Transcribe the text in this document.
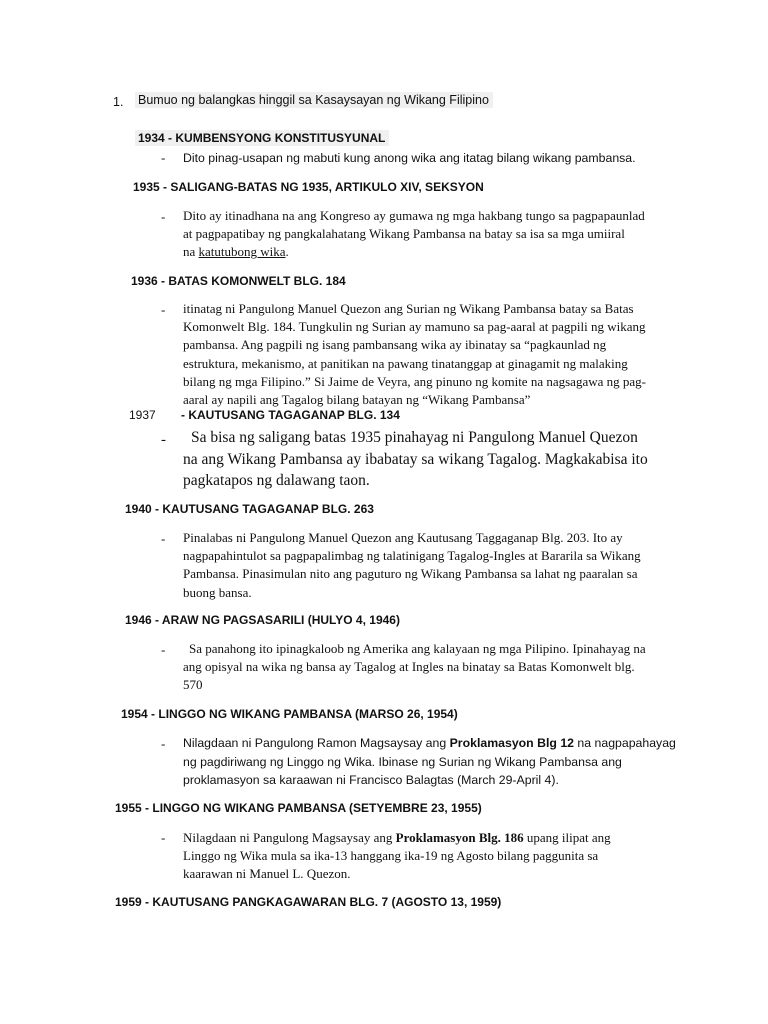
1. Bumuo ng balangkas hinggil sa Kasaysayan ng Wikang Filipino
1934 - KUMBENSYONG KONSTITUSYUNAL
- Dito pinag-usapan ng mabuti kung anong wika ang itatag bilang wikang pambansa.
1935 - SALIGANG-BATAS NG 1935, ARTIKULO XIV, SEKSYON
- Dito ay itinadhana na ang Kongreso ay gumawa ng mga hakbang tungo sa pagpapaunlad
at pagpapatibay ng pangkalahatang Wikang Pambansa na batay sa isa sa mga umiiral
na katutubong wika.
1936 - BATAS KOMONWELT BLG. 184
- itinatag ni Pangulong Manuel Quezon ang Surian ng Wikang Pambansa batay sa Batas
Komonwelt Blg. 184. Tungkulin ng Surian ay mamuno sa pag-aaral at pagpili ng wikang
pambansa. Ang pagpili ng isang pambansang wika ay ibinatay sa “pagkaunlad ng
estruktura, mekanismo, at panitikan na pawang tinatanggap at ginagamit ng malaking
bilang ng mga Filipino.” Si Jaime de Veyra, ang pinuno ng komite na nagsagawa ng pag-
aaral ay napili ang Tagalog bilang batayan ng “Wikang Pambansa”
1937 - KAUTUSANG TAGAGANAP BLG. 134
-	Sa bisa ng saligang batas 1935 pinahayag ni Pangulong Manuel Quezon
na ang Wikang Pambansa ay ibabatay sa wikang Tagalog. Magkakabisa ito
pagkatapos ng dalawang taon.
1940 - KAUTUSANG TAGAGANAP BLG. 263
- Pinalabas ni Pangulong Manuel Quezon ang Kautusang Taggaganap Blg. 203. Ito ay
nagpapahintulot sa pagpapalimbag ng talatinigang Tagalog-Ingles at Bararila sa Wikang
Pambansa. Pinasimulan nito ang paguturo ng Wikang Pambansa sa lahat ng paaralan sa
buong bansa.
1946 - ARAW NG PAGSASARILI (HULYO 4, 1946)
-	Sa panahong ito ipinagkaloob ng Amerika ang kalayaan ng mga Pilipino. Ipinahayag na
ang opisyal na wika ng bansa ay Tagalog at Ingles na binatay sa Batas Komonwelt blg.
570
1954 - LINGGO NG WIKANG PAMBANSA (MARSO 26, 1954)
- Nilagdaan ni Pangulong Ramon Magsaysay ang Proklamasyon Blg 12 na nagpapahayag
ng pagdiriwang ng Linggo ng Wika. Ibinase ng Surian ng Wikang Pambansa ang
proklamasyon sa karaawan ni Francisco Balagtas (March 29-April 4).
1955 - LINGGO NG WIKANG PAMBANSA (SETYEMBRE 23, 1955)
- Nilagdaan ni Pangulong Magsaysay ang Proklamasyon Blg. 186 upang ilipat ang
Linggo ng Wika mula sa ika-13 hanggang ika-19 ng Agosto bilang paggunita sa
kaarawan ni Manuel L. Quezon.
1959 - KAUTUSANG PANGKAGAWARAN BLG. 7 (AGOSTO 13, 1959)
